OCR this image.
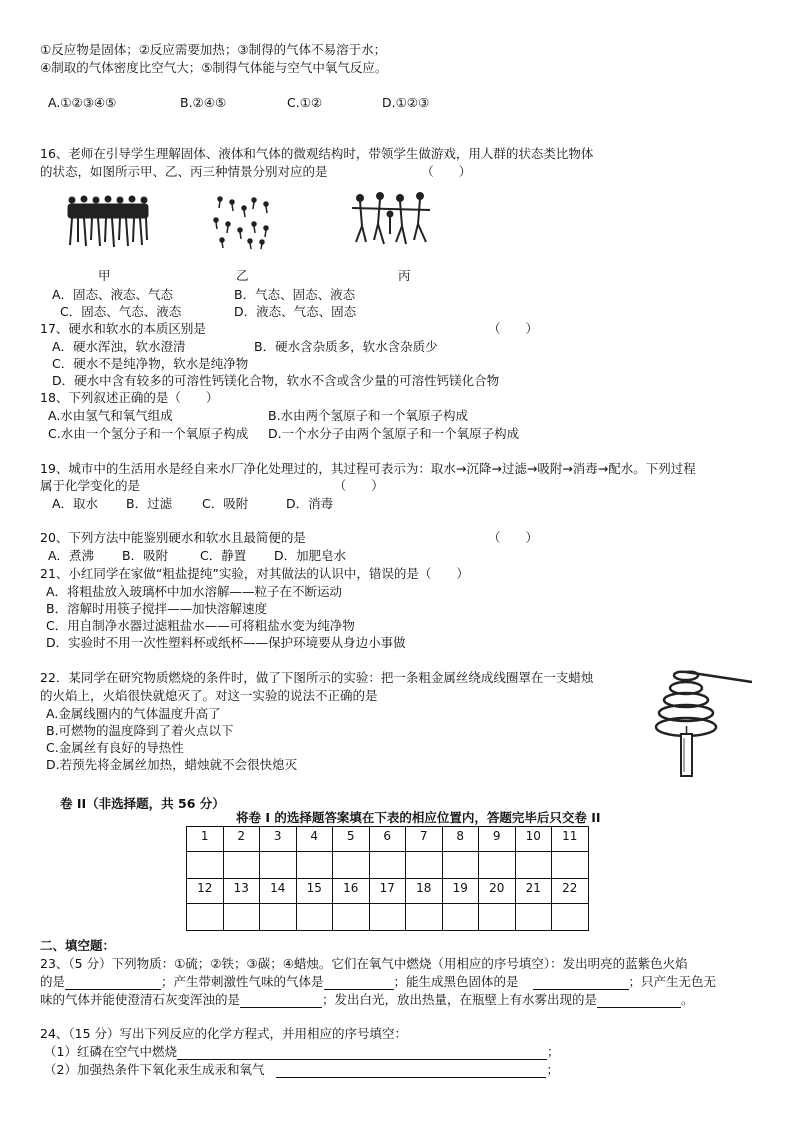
①反应物是固体；②反应需要加热；③制得的气体不易溶于水；
④制取的气体密度比空气大；⑤制得气体能与空气中氧气反应。
A.①②③④⑤	B.②④⑤	C.①②	D.①②③
16、老师在引导学生理解固体、液体和气体的微观结构时，带领学生做游戏，用人群的状态类比物体
的状态，如图所示甲、乙、丙三种情景分别对应的是　　　　　　　　（　　）
甲	乙	丙
A．固态、液态、气态	B．气态、固态、液态
C．固态、气态、液态	D．液态、气态、固态
17、硬水和软水的本质区别是	（　　）
A．硬水浑浊，软水澄清	B．硬水含杂质多，软水含杂质少
C．硬水不是纯净物，软水是纯净物
D．硬水中含有较多的可溶性钙镁化合物，软水不含或含少量的可溶性钙镁化合物
18、下列叙述正确的是（　　）
A.水由氢气和氧气组成	B.水由两个氢原子和一个氧原子构成
C.水由一个氢分子和一个氧原子构成 D.一个水分子由两个氢原子和一个氧原子构成
19、城市中的生活用水是经自来水厂净化处理过的，其过程可表示为：取水→沉降→过滤→吸附→消毒→配水。下列过程
属于化学变化的是　　　　　　　　　　　　　　　　（　　）
A．取水 B．过滤 C．吸附	D．消毒
20、下列方法中能鉴别硬水和软水且最简便的是	（　　）
A．煮沸 B．吸附	C．静置 D．加肥皂水
21、小红同学在家做“粗盐提纯”实验，对其做法的认识中，错误的是（　　）
A．将粗盐放入玻璃杯中加水溶解——粒子在不断运动
B．溶解时用筷子搅拌——加快溶解速度
C．用自制净水器过滤粗盐水——可将粗盐水变为纯净物
D．实验时不用一次性塑料杯或纸杯——保护环境要从身边小事做
22．某同学在研究物质燃烧的条件时，做了下图所示的实验：把一条粗金属丝绕成线圈罩在一支蜡烛
的火焰上，火焰很快就熄灭了。对这一实验的说法不正确的是
A.金属线圈内的气体温度升高了
B.可燃物的温度降到了着火点以下
C.金属丝有良好的导热性
D.若预先将金属丝加热，蜡烛就不会很快熄灭
卷 II（非选择题，共 56 分）
将卷 I 的选择题答案填在下表的相应位置内，答题完毕后只交卷 II
1	2	3	4	5	6	7	8	9	10	11

12	13	14	15	16	17	18	19	20	21	22

二、填空题：
23、（5 分）下列物质：①硫；②铁；③碳；④蜡烛。它们在氧气中燃烧（用相应的序号填空）：发出明亮的蓝紫色火焰
的是	；产生带刺激性气味的气体是	；能生成黑色固体的是	；只产生无色无
味的气体并能使澄清石灰变浑浊的是	；发出白光，放出热量，在瓶壁上有水雾出现的是	。
24、（15 分）写出下列反应的化学方程式，并用相应的序号填空：
（1）红磷在空气中燃烧	；
（2）加强热条件下氧化汞生成汞和氧气	；
